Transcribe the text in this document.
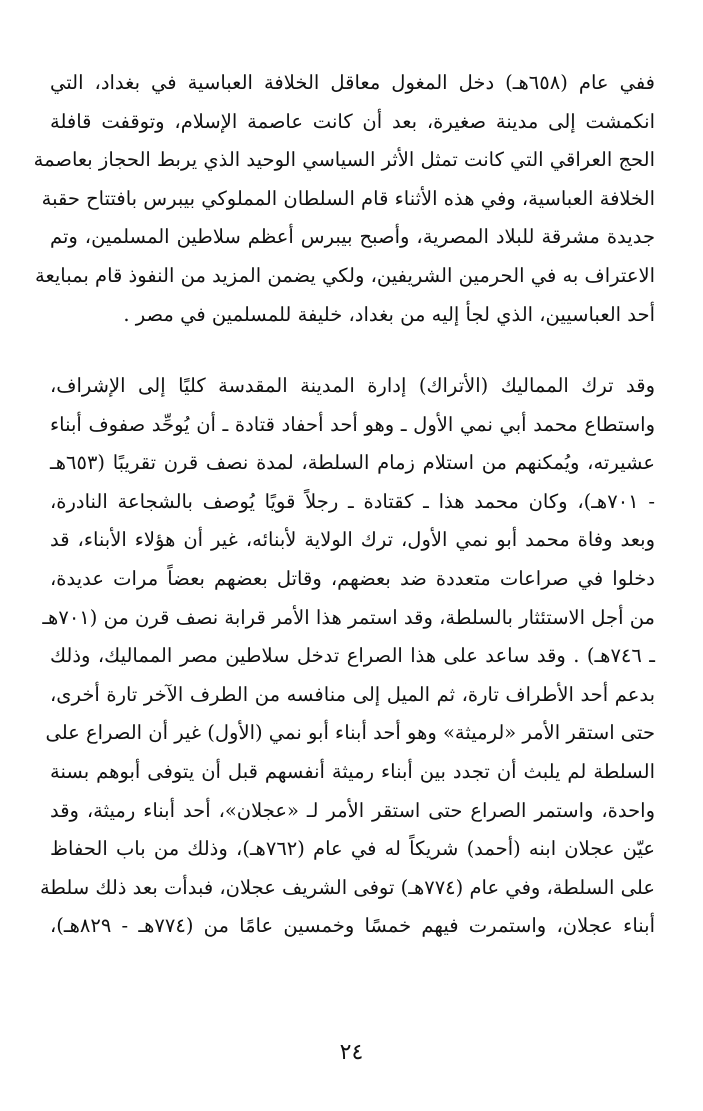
ففي عام (٦٥٨هـ) دخل المغول معاقل الخلافة العباسية في بغداد، التي
انكمشت إلى مدينة صغيرة، بعد أن كانت عاصمة الإسلام، وتوقفت قافلة
الحج العراقي التي كانت تمثل الأثر السياسي الوحيد الذي يربط الحجاز بعاصمة
الخلافة العباسية، وفي هذه الأثناء قام السلطان المملوكي بيبرس بافتتاح حقبة
جديدة مشرقة للبلاد المصرية، وأصبح بيبرس أعظم سلاطين المسلمين، وتم
الاعتراف به في الحرمين الشريفين، ولكي يضمن المزيد من النفوذ قام بمبايعة
أحد العباسيين، الذي لجأ إليه من بغداد، خليفة للمسلمين في مصر .
وقد ترك المماليك (الأتراك) إدارة المدينة المقدسة كليًا إلى الإشراف،
واستطاع محمد أبي نمي الأول ـ وهو أحد أحفاد قتادة ـ أن يُوحِّد صفوف أبناء
عشيرته، ويُمكنهم من استلام زمام السلطة، لمدة نصف قرن تقريبًا (٦٥٣هـ
- ٧٠١هـ)، وكان محمد هذا ـ كقتادة ـ رجلاً قويًا يُوصف بالشجاعة النادرة،
وبعد وفاة محمد أبو نمي الأول، ترك الولاية لأبنائه، غير أن هؤلاء الأبناء، قد
دخلوا في صراعات متعددة ضد بعضهم، وقاتل بعضهم بعضاً مرات عديدة،
من أجل الاستئثار بالسلطة، وقد استمر هذا الأمر قرابة نصف قرن من (٧٠١هـ
ـ ٧٤٦هـ) . وقد ساعد على هذا الصراع تدخل سلاطين مصر المماليك، وذلك
بدعم أحد الأطراف تارة، ثم الميل إلى منافسه من الطرف الآخر تارة أخرى،
حتى استقر الأمر «لرميثة» وهو أحد أبناء أبو نمي (الأول) غير أن الصراع على
السلطة لم يلبث أن تجدد بين أبناء رميثة أنفسهم قبل أن يتوفى أبوهم بسنة
واحدة، واستمر الصراع حتى استقر الأمر لـ «عجلان»، أحد أبناء رميثة، وقد
عيّن عجلان ابنه (أحمد) شريكاً له في عام (٧٦٢هـ)، وذلك من باب الحفاظ
على السلطة، وفي عام (٧٧٤هـ) توفى الشريف عجلان، فبدأت بعد ذلك سلطة
أبناء عجلان، واستمرت فيهم خمسًا وخمسين عامًا من (٧٧٤هـ - ٨٢٩هـ)،
٢٤
